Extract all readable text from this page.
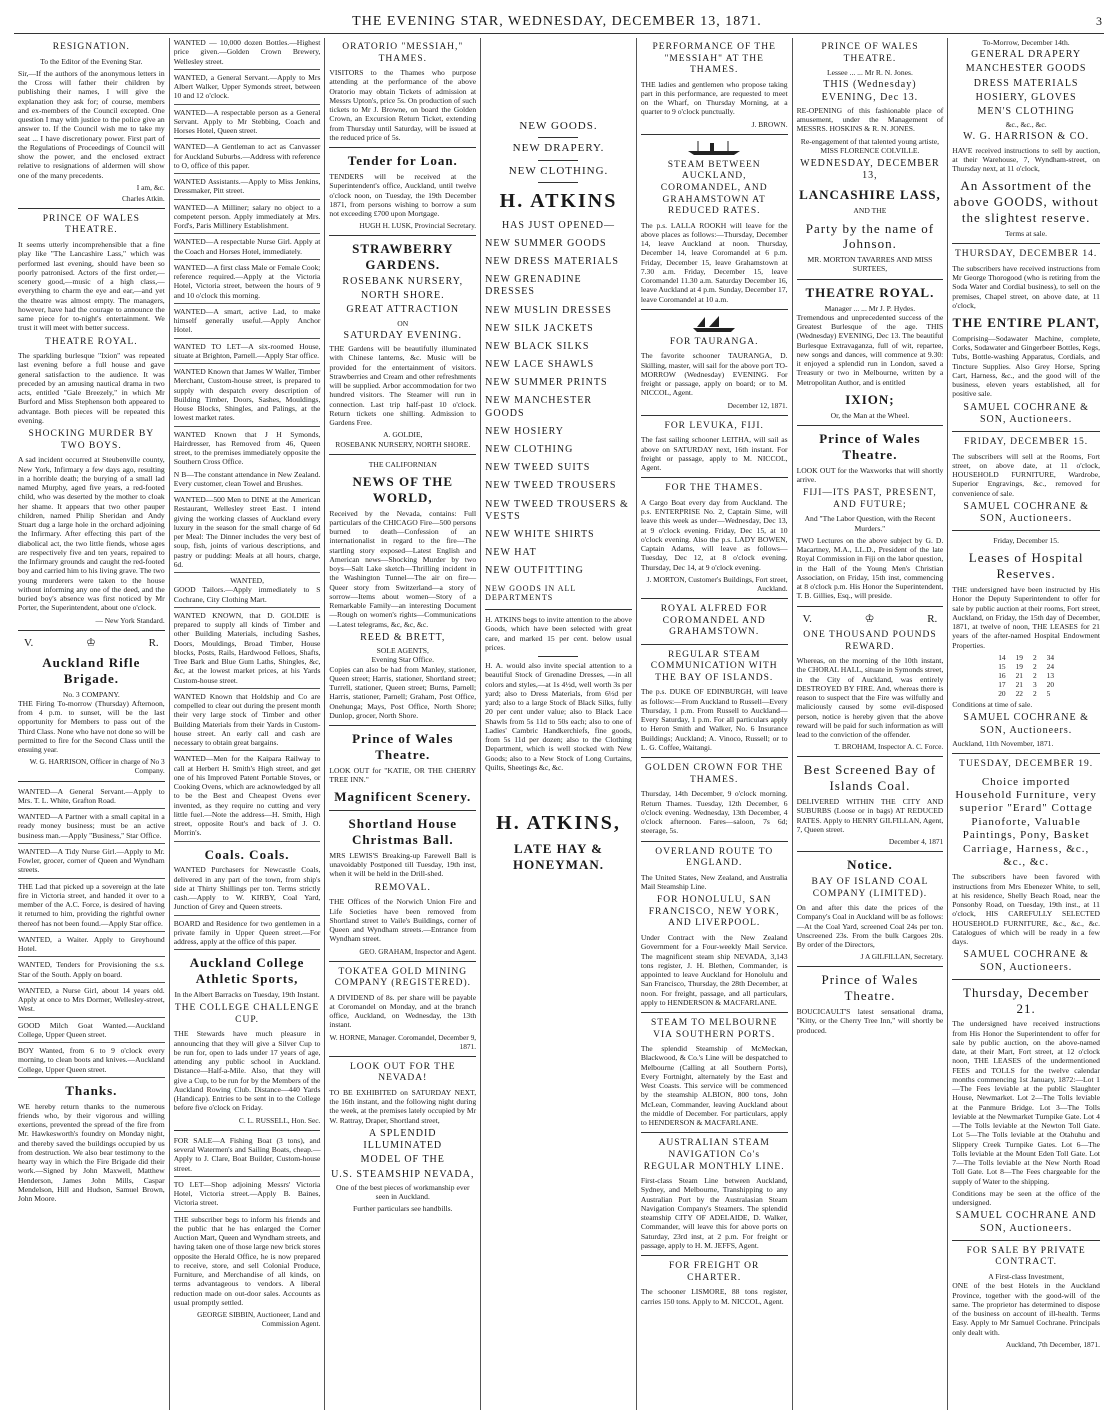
THE EVENING STAR, WEDNESDAY, DECEMBER 13, 1871.	3
RESIGNATION.

To the Editor of the Evening Star.

Sir,—If the authors of the anonymous letters in the Cross will father their children by publishing their names, I will give the explanation they ask for; of course, members and ex-members of the Council excepted. One question I may with justice to the police give an answer to. If the Council wish me to take my seat ... I have discretionary power. First part of the Regulations of Proceedings of Council will show the power, and the enclosed extract relative to resignations of aldermen will show one of the many precedents.

I am, &c.
Charles Atkin.
PRINCE OF WALES THEATRE.

It seems utterly incomprehensible that a fine play like "The Lancashire Lass," which was performed last evening, should have been so poorly patronised. Actors of the first order,—scenery good,—music of a high class,—everything to charm the eye and ear,—and yet the theatre was almost empty. The managers, however, have had the courage to announce the same piece for to-night's entertainment. We trust it will meet with better success.

THEATRE ROYAL.

The sparkling burlesque "Ixion" was repeated last evening before a full house and gave general satisfaction to the audience. It was preceded by an amusing nautical drama in two acts, entitled "Gale Breezely," in which Mr Burford and Miss Stephenson both appeared to advantage. Both pieces will be repeated this evening.

SHOCKING MURDER BY TWO BOYS.

A sad incident occurred at Steubenville county, New York, Infirmary a few days ago, resulting in a horrible death; the burying of a small lad named Murphy, aged five years, a red-footed child, who was deserted by the mother to cloak her shame. It appears that two other pauper children, named Philip Sheridan and Andy Stuart dug a large hole in the orchard adjoining the Infirmary. After effecting this part of the diabolical act, the two little fiends, whose ages are respectively five and ten years, repaired to the Infirmary grounds and caught the red-footed boy and carried him to his living grave. The two young murderers were taken to the house without informing any one of the deed, and the buried boy's absence was first noticed by Mr Porter, the Superintendent, about one o'clock.

— New York Standard.
V.	♔	R.
Auckland Rifle Brigade.
No. 3 COMPANY.

THE Firing To-morrow (Thursday) Afternoon, from 4 p.m. to sunset, will be the last opportunity for Members to pass out of the Third Class. None who have not done so will be permitted to fire for the Second Class until the ensuing year.

W. G. HARRISON, Officer in charge of No 3 Company.

WANTED—A General Servant.—Apply to Mrs. T. L. White, Grafton Road.

WANTED—A Partner with a small capital in a ready money business; must be an active business man.—Apply "Business," Star Office.

WANTED—A Tidy Nurse Girl.—Apply to Mr. Fowler, grocer, corner of Queen and Wyndham streets.

THE Lad that picked up a sovereign at the late fire in Victoria street, and handed it over to a member of the A.C. Force, is desired of having it returned to him, providing the rightful owner thereof has not been found.—Apply Star office.

WANTED, a Waiter. Apply to Greyhound Hotel.

WANTED, Tenders for Provisioning the s.s. Star of the South. Apply on board.

WANTED, a Nurse Girl, about 14 years old. Apply at once to Mrs Dormer, Wellesley-street, West.

GOOD Milch Goat Wanted.—Auckland College, Upper Queen street.

BOY Wanted, from 6 to 9 o'clock every morning, to clean boots and knives.—Auckland College, Upper Queen street.

Thanks.

WE hereby return thanks to the numerous friends who, by their vigorous and willing exertions, prevented the spread of the fire from Mr. Hawkesworth's foundry on Monday night, and thereby saved the buildings occupied by us from destruction. We also bear testimony to the hearty way in which the Fire Brigade did their work.—Signed by John Maxwell, Matthew Henderson, James John Mills, Caspar Mendelson, Hill and Hudson, Samuel Brown, John Moore.

WANTED — 10,000 dozen Bottles.—Highest price given.—Golden Crown Brewery, Wellesley street.

WANTED, a General Servant.—Apply to Mrs Albert Walker, Upper Symonds street, between 10 and 12 o'clock.

WANTED—A respectable person as a General Servant. Apply to Mr Stebbing, Coach and Horses Hotel, Queen street.

WANTED—A Gentleman to act as Canvasser for Auckland Suburbs.—Address with reference to O, office of this paper.

WANTED Assistants.—Apply to Miss Jenkins, Dressmaker, Pitt street.

WANTED—A Milliner; salary no object to a competent person. Apply immediately at Mrs. Ford's, Paris Millinery Establishment.

WANTED—A respectable Nurse Girl. Apply at the Coach and Horses Hotel, immediately.

WANTED—A first class Male or Female Cook; reference required.—Apply at the Victoria Hotel, Victoria street, between the hours of 9 and 10 o'clock this morning.

WANTED—A smart, active Lad, to make himself generally useful.—Apply Anchor Hotel.

WANTED TO LET—A six-roomed House, situate at Brighton, Parnell.—Apply Star office.

WANTED Known that James W Waller, Timber Merchant, Custom-house street, is prepared to supply with despatch every description of Building Timber, Doors, Sashes, Mouldings, House Blocks, Shingles, and Palings, at the lowest market rates.

WANTED Known that J H Symonds, Hairdresser, has Removed from 46, Queen street, to the premises immediately opposite the Southern Cross Office.

N B—The constant attendance in New Zealand. Every customer, clean Towel and Brushes.

WANTED—500 Men to DINE at the American Restaurant, Wellesley street East. I intend giving the working classes of Auckland every luxury in the season for the small charge of 6d per Meal: The Dinner includes the very best of soup, fish, joints of various descriptions, and pastry or pudding: Meals at all hours, charge, 6d.

WANTED,

GOOD Tailors.—Apply immediately to S Cochrane, City Clothing Mart.

WANTED KNOWN, that D. GOLDIE is prepared to supply all kinds of Timber and other Building Materials, including Sashes, Doors, Mouldings, Broad Timber, House blocks, Posts, Rails, Hardwood Felloes, Shafts, Tree Bark and Blue Gum Laths, Shingles, &c, &c, at the lowest market prices, at his Yards Custom-house street.

WANTED Known that Holdship and Co are compelled to clear out during the present month their very large stock of Timber and other Building Materials from their Yards in Custom-house street. An early call and cash are necessary to obtain great bargains.

WANTED—Men for the Kaipara Railway to call at Herbert H. Smith's High street, and get one of his Improved Patent Portable Stoves, or Cooking Ovens, which are acknowledged by all to be the Best and Cheapest Ovens ever invented, as they require no cutting and very little fuel.—Note the address—H. Smith, High street, opposite Rout's and back of J. O. Morrin's.

Coals. Coals.

WANTED Purchasers for Newcastle Coals, delivered in any part of the town, from ship's side at Thirty Shillings per ton. Terms strictly cash.—Apply to W. KIRBY, Coal Yard, Junction of Grey and Queen streets.

BOARD and Residence for two gentlemen in a private family in Upper Queen street.—For address, apply at the office of this paper.

Auckland College Athletic Sports,
In the Albert Barracks on Tuesday, 19th Instant.
THE COLLEGE CHALLENGE CUP.

THE Stewards have much pleasure in announcing that they will give a Silver Cup to be run for, open to lads under 17 years of age, attending any public school in Auckland. Distance—Half-a-Mile. Also, that they will give a Cup, to be run for by the Members of the Auckland Rowing Club. Distance—440 Yards (Handicap). Entries to be sent in to the College before five o'clock on Friday.

C. L. RUSSELL, Hon. Sec.

FOR SALE—A Fishing Boat (3 tons), and several Watermen's and Sailing Boats, cheap.—Apply to J. Clare, Boat Builder, Custom-house street.

TO LET—Shop adjoining Messrs' Victoria Hotel, Victoria street.—Apply B. Baines, Victoria street.

THE subscriber begs to inform his friends and the public that he has enlarged the Corner Auction Mart, Queen and Wyndham streets, and having taken one of those large new brick stores opposite the Herald Office, he is now prepared to receive, store, and sell Colonial Produce, Furniture, and Merchandise of all kinds, on terms advantageous to vendors. A liberal reduction made on out-door sales. Accounts as usual promptly settled.

GEORGE SIBBIN, Auctioneer, Land and Commission Agent.
ORATORIO "MESSIAH," THAMES.

VISITORS to the Thames who purpose attending at the performance of the above Oratorio may obtain Tickets of admission at Messrs Upton's, price 5s. On production of such tickets to Mr J. Browne, on board the Golden Crown, an Excursion Return Ticket, extending from Thursday until Saturday, will be issued at the reduced price of 5s.

Tender for Loan.

TENDERS will be received at the Superintendent's office, Auckland, until twelve o'clock noon, on Tuesday, the 19th December 1871, from persons wishing to borrow a sum not exceeding £700 upon Mortgage.

HUGH H. LUSK, Provincial Secretary.
STRAWBERRY GARDENS.
ROSEBANK NURSERY,
NORTH SHORE.
GREAT ATTRACTION
ON
SATURDAY EVENING.

THE Gardens will be beautifully illuminated with Chinese lanterns, &c. Music will be provided for the entertainment of visitors. Strawberries and Cream and other refreshments will be supplied. Arbor accommodation for two hundred visitors. The Steamer will run in connection. Last trip half-past 10 o'clock. Return tickets one shilling. Admission to Gardens Free.

A. GOLDIE,
ROSEBANK NURSERY, NORTH SHORE.
THE CALIFORNIAN
NEWS OF THE WORLD,

Received by the Nevada, contains: Full particulars of the CHICAGO Fire—500 persons burned to death—Confession of an internationalist in regard to the fire—The startling story exposed—Latest English and American news—Shocking Murder by two boys—Salt Lake sketch—Thrilling incident in the Washington Tunnel—The air on fire—Queer story from Switzerland—a story of sorrow—Items about women—Story of a Remarkable Family—an interesting Document—Rough on women's rights—Communications—Latest telegrams, &c, &c, &c.

REED & BRETT,
SOLE AGENTS,
Evening Star Office.

Copies can also be had from Manley, stationer, Queen street; Harris, stationer, Shortland street; Turrell, stationer, Queen street; Burns, Parnell; Harris, stationer, Parnell; Graham, Post Office, Onehunga; Mays, Post Office, North Shore; Dunlop, grocer, North Shore.

Prince of Wales Theatre.

LOOK OUT for "KATIE, OR THE CHERRY TREE INN."

Magnificent Scenery.
Shortland House Christmas Ball.

MRS LEWIS'S Breaking-up Farewell Ball is unavoidably Postponed till Tuesday, 19th inst, when it will be held in the Drill-shed.

REMOVAL.

THE Offices of the Norwich Union Fire and Life Societies have been removed from Shortland street to Vaile's Buildings, corner of Queen and Wyndham streets.—Entrance from Wyndham street.

GEO. GRAHAM, Inspector and Agent.
TOKATEA GOLD MINING COMPANY (REGISTERED).

A DIVIDEND of 8s. per share will be payable at Coromandel on Monday, and at the branch office, Auckland, on Wednesday, the 13th instant.

W. HORNE, Manager. Coromandel, December 9, 1871.
LOOK OUT FOR THE NEVADA!

TO BE EXHIBITED on SATURDAY NEXT, the 16th instant, and the following night during the week, at the premises lately occupied by Mr W. Rattray, Draper, Shortland street,

A SPLENDID ILLUMINATED
MODEL OF THE
U.S. STEAMSHIP NEVADA,

One of the best pieces of workmanship ever seen in Auckland.

Further particulars see handbills.

NEW GOODS.
NEW DRAPERY.
NEW CLOTHING.
H. ATKINS
HAS JUST OPENED—
NEW SUMMER GOODS
NEW DRESS MATERIALS
NEW GRENADINE DRESSES
NEW MUSLIN DRESSES
NEW SILK JACKETS
NEW BLACK SILKS
NEW LACE SHAWLS
NEW SUMMER PRINTS
NEW MANCHESTER GOODS
NEW HOSIERY
NEW CLOTHING
NEW TWEED SUITS
NEW TWEED TROUSERS
NEW TWEED TROUSERS & VESTS
NEW WHITE SHIRTS
NEW HAT
NEW OUTFITTING
NEW GOODS IN ALL DEPARTMENTS

H. ATKINS begs to invite attention to the above Goods, which have been selected with great care, and marked 15 per cent. below usual prices.

H. A. would also invite special attention to a beautiful Stock of Grenadine Dresses, —in all colors and styles,—at 1s 4½d, well worth 3s per yard; also to Dress Materials, from 6½d per yard; also to a large Stock of Black Silks, fully 20 per cent under value; also to Black Lace Shawls from 5s 11d to 50s each; also to one of Ladies' Cambric Handkerchiefs, fine goods, from 5s 11d per dozen; also to the Clothing Department, which is well stocked with New Goods; also to a New Stock of Long Curtains, Quilts, Sheetings &c, &c.

H. ATKINS,
LATE HAY & HONEYMAN.
PERFORMANCE OF THE "MESSIAH" AT THE THAMES.

THE ladies and gentlemen who propose taking part in this performance, are requested to meet on the Wharf, on Thursday Morning, at a quarter to 9 o'clock punctually.

J. BROWN.
STEAM BETWEEN AUCKLAND, COROMANDEL, AND GRAHAMSTOWN AT REDUCED RATES.

The p.s. LALLA ROOKH will leave for the above places as follows:—Thursday, December 14, leave Auckland at noon. Thursday, December 14, leave Coromandel at 6 p.m. Friday, December 15, leave Grahamstown at 7.30 a.m. Friday, December 15, leave Coromandel 11.30 a.m. Saturday December 16, leave Auckland at 4 p.m. Sunday, December 17, leave Coromandel at 10 a.m.

FOR TAURANGA.

The favorite schooner TAURANGA, D. Skilling, master, will sail for the above port TO-MORROW (Wednesday) EVENING. For freight or passage, apply on board; or to M. NICCOL, Agent.

December 12, 1871.
FOR LEVUKA, FIJI.

The fast sailing schooner LEITHA, will sail as above on SATURDAY next, 16th instant. For freight or passage, apply to M. NICCOL, Agent.

FOR THE THAMES.

A Cargo Boat every day from Auckland. The p.s. ENTERPRISE No. 2, Captain Sime, will leave this week as under—Wednesday, Dec 13, at 9 o'clock evening. Friday, Dec 15, at 10 o'clock evening. Also the p.s. LADY BOWEN, Captain Adams, will leave as follows—Tuesday, Dec 12, at 8 o'clock evening. Thursday, Dec 14, at 9 o'clock evening.

J. MORTON, Customer's Buildings, Fort street, Auckland.
ROYAL ALFRED FOR COROMANDEL AND GRAHAMSTOWN.
REGULAR STEAM COMMUNICATION WITH THE BAY OF ISLANDS.

The p.s. DUKE OF EDINBURGH, will leave as follows:—From Auckland to Russell—Every Thursday, 1 p.m. From Russell to Auckland—Every Saturday, 1 p.m. For all particulars apply to Heron Smith and Walker, No. 6 Insurance Buildings; Auckland; A. Vinoco, Russell; or to L. G. Coffee, Waitangi.

GOLDEN CROWN FOR THE THAMES.

Thursday, 14th December, 9 o'clock morning. Return Thames. Tuesday, 12th December, 6 o'clock evening. Wednesday, 13th December, 4 o'clock afternoon. Fares—saloon, 7s 6d; steerage, 5s.

OVERLAND ROUTE TO ENGLAND.

The United States, New Zealand, and Australia Mail Steamship Line.

FOR HONOLULU, SAN FRANCISCO, NEW YORK, AND LIVERPOOL.

Under Contract with the New Zealand Government for a Four-weekly Mail Service. The magnificent steam ship NEVADA, 3,143 tons register, J. H. Blethen, Commander, is appointed to leave Auckland for Honolulu and San Francisco, Thursday, the 28th December, at noon. For freight, passage, and all particulars, apply to HENDERSON & MACFARLANE.

STEAM TO MELBOURNE VIA SOUTHERN PORTS.

The splendid Steamship of McMeckan, Blackwood, & Co.'s Line will be despatched to Melbourne (Calling at all Southern Ports), Every Fortnight, alternately by the East and West Coasts. This service will be commenced by the steamship ALBION, 800 tons, John McLean, Commander, leaving Auckland about the middle of December. For particulars, apply to HENDERSON & MACFARLANE.

AUSTRALIAN STEAM NAVIGATION Co's REGULAR MONTHLY LINE.

First-class Steam Line between Auckland, Sydney, and Melbourne, Transhipping to any Australian Port by the Australasian Steam Navigation Company's Steamers. The splendid steamship CITY OF ADELAIDE, D. Walker, Commander, will leave this for above ports on Saturday, 23rd inst, at 2 p.m. For freight or passage, apply to H. M. JEFFS, Agent.

FOR FREIGHT OR CHARTER.

The schooner LISMORE, 88 tons register, carries 150 tons. Apply to M. NICCOL, Agent.

PRINCE OF WALES THEATRE.
Lessee ... ... Mr R. N. Jones.
THIS (Wednesday) EVENING, Dec 13.

RE-OPENING of this fashionable place of amusement, under the Management of MESSRS. HOSKINS & R. N. JONES.

Re-engagement of that talented young artiste, MISS FLORENCE COLVILLE.

WEDNESDAY, DECEMBER 13,
LANCASHIRE LASS,
AND THE
Party by the name of Johnson.
MR. MORTON TAVARRES AND MISS SURTEES,
THEATRE ROYAL.
Manager ... ... Mr J. P. Hydes.

Tremendous and unprecedented success of the Greatest Burlesque of the age. THIS (Wednesday) EVENING, Dec 13. The beautiful Burlesque Extravaganza, full of wit, repartee, new songs and dances, will commence at 9.30: it enjoyed a splendid run in London, saved a Treasury or two in Melbourne, written by a Metropolitan Author, and is entitled

IXION;
Or, the Man at the Wheel.
Prince of Wales Theatre.

LOOK OUT for the Waxworks that will shortly arrive.

FIJI—ITS PAST, PRESENT, AND FUTURE;

And "The Labor Question, with the Recent Murders."

TWO Lectures on the above subject by G. D. Macartney, M.A., LL.D., President of the late Royal Commission in Fiji on the labor question, in the Hall of the Young Men's Christian Association, on Friday, 15th inst, commencing at 8 o'clock p.m. His Honor the Superintendent, T. B. Gillies, Esq., will preside.

V.	♔	R.
ONE THOUSAND POUNDS REWARD.

Whereas, on the morning of the 10th instant, the CHORAL HALL, situate in Symonds street, in the City of Auckland, was entirely DESTROYED BY FIRE. And, whereas there is reason to suspect that the Fire was wilfully and maliciously caused by some evil-disposed person, notice is hereby given that the above reward will be paid for such information as will lead to the conviction of the offender.

T. BROHAM, Inspector A. C. Force.
Best Screened Bay of Islands Coal.

DELIVERED WITHIN THE CITY AND SUBURBS (Loose or in bags) AT REDUCED RATES. Apply to HENRY GILFILLAN, Agent, 7, Queen street.

December 4, 1871
Notice.
BAY OF ISLAND COAL COMPANY (LIMITED).

On and after this date the prices of the Company's Coal in Auckland will be as follows:—At the Coal Yard, screened Coal 24s per ton. Unscreened 23s. From the bulk Cargoes 20s. By order of the Directors,

J A GILFILLAN, Secretary.
Prince of Wales Theatre.

BOUCICAULT'S latest sensational drama, "Kitty, or the Cherry Tree Inn," will shortly be produced.

To-Morrow, December 14th.
GENERAL DRAPERY
MANCHESTER GOODS
DRESS MATERIALS
HOSIERY, GLOVES
MEN'S CLOTHING
&c., &c., &c.
W. G. HARRISON & CO.

HAVE received instructions to sell by auction, at their Warehouse, 7, Wyndham-street, on Thursday next, at 11 o'clock,

An Assortment of the above GOODS, without the slightest reserve.
Terms at sale.
THURSDAY, DECEMBER 14.

The subscribers have received instructions from Mr George Thorogood (who is retiring from the Soda Water and Cordial business), to sell on the premises, Chapel street, on above date, at 11 o'clock,

THE ENTIRE PLANT,

Comprising—Sodawater Machine, complete, Corks, Sodawater and Gingerbeer Bottles, Kegs, Tubs, Bottle-washing Apparatus, Cordials, and Tincture Supplies. Also Grey Horse, Spring Cart, Harness, &c., and the good will of the business, eleven years established, all for positive sale.

SAMUEL COCHRANE & SON, Auctioneers.
FRIDAY, DECEMBER 15.

The subscribers will sell at the Rooms, Fort street, on above date, at 11 o'clock, HOUSEHOLD FURNITURE, Wardrobe, Superior Engravings, &c., removed for convenience of sale.

SAMUEL COCHRANE & SON, Auctioneers.
Friday, December 15.
Leases of Hospital Reserves.

THE undersigned have been instructed by His Honor the Deputy Superintendent to offer for sale by public auction at their rooms, Fort street, Auckland, on Friday, the 15th day of December, 1871, at twelve of noon, THE LEASES for 21 years of the after-named Hospital Endowment Properties.

14	19	2	34
15	19	2	24
16	21	2	13
17	21	3	20
20	22	2	5

Conditions at time of sale.

SAMUEL COCHRANE & SON, Auctioneers.

Auckland, 11th November, 1871.

TUESDAY, DECEMBER 19.
Choice imported Household Furniture, very superior "Erard" Cottage Pianoforte, Valuable Paintings, Pony, Basket Carriage, Harness, &c., &c., &c.

The subscribers have been favored with instructions from Mrs Ebenezer White, to sell, at his residence, Shelly Beach Road, near the Ponsonby Road, on Tuesday, 19th inst., at 11 o'clock, HIS CAREFULLY SELECTED HOUSEHOLD FURNITURE, &c., &c., &c. Catalogues of which will be ready in a few days.

SAMUEL COCHRANE & SON, Auctioneers.
Thursday, December 21.

The undersigned have received instructions from His Honor the Superintendent to offer for sale by public auction, on the above-named date, at their Mart, Fort street, at 12 o'clock noon, THE LEASES of the undermentioned FEES and TOLLS for the twelve calendar months commencing 1st January, 1872:—Lot 1—The Fees leviable at the public Slaughter House, Newmarket. Lot 2—The Tolls leviable at the Panmure Bridge. Lot 3—The Tolls leviable at the Newmarket Turnpike Gate. Lot 4—The Tolls leviable at the Newton Toll Gate. Lot 5—The Tolls leviable at the Otahuhu and Slippery Creek Turnpike Gates. Lot 6—The Tolls leviable at the Mount Eden Toll Gate. Lot 7—The Tolls leviable at the New North Road Toll Gate. Lot 8—The Fees chargeable for the supply of Water to the shipping.

Conditions may be seen at the office of the undersigned.

SAMUEL COCHRANE AND SON, Auctioneers.
FOR SALE BY PRIVATE CONTRACT.
A First-class Investment,

ONE of the best Hotels in the Auckland Province, together with the good-will of the same. The proprietor has determined to dispose of the business on account of ill-health. Terms Easy. Apply to Mr Samuel Cochrane. Principals only dealt with.

Auckland, 7th December, 1871.
